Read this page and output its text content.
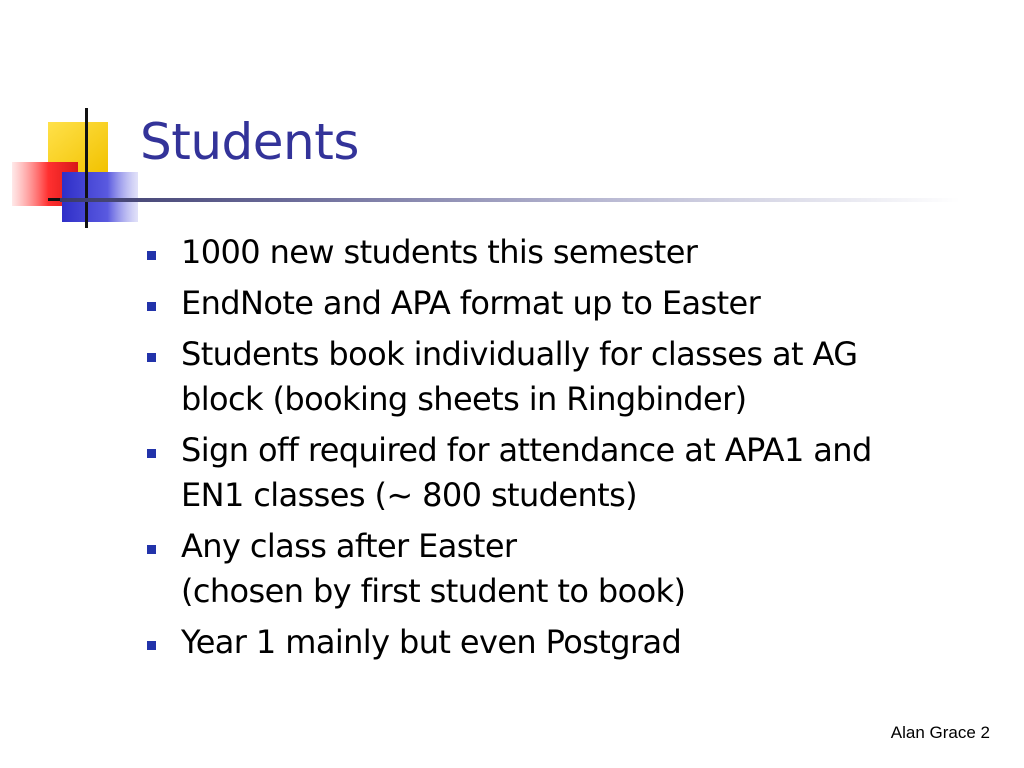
Students
1000 new students this semester
EndNote and APA format up to Easter
Students book individually for classes at AG
block (booking sheets in Ringbinder)
Sign off required for attendance at APA1 and
EN1 classes (~ 800 students)
Any class after Easter
(chosen by first student to book)
Year 1 mainly but even Postgrad
Alan Grace 2
